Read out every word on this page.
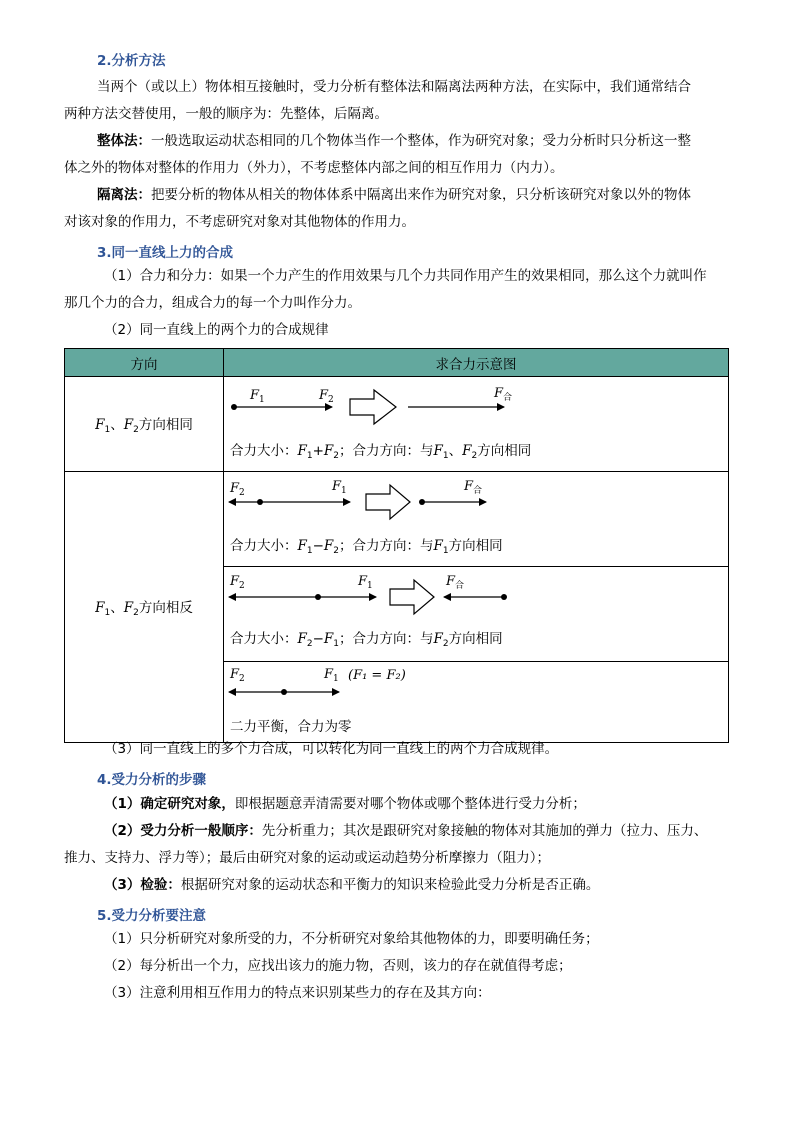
2.分析方法

当两个（或以上）物体相互接触时，受力分析有整体法和隔离法两种方法，在实际中，我们通常结合

两种方法交替使用，一般的顺序为：先整体，后隔离。

整体法：一般选取运动状态相同的几个物体当作一个整体，作为研究对象；受力分析时只分析这一整

体之外的物体对整体的作用力（外力），不考虑整体内部之间的相互作用力（内力）。

隔离法：把要分析的物体从相关的物体体系中隔离出来作为研究对象，只分析该研究对象以外的物体

对该对象的作用力，不考虑研究对象对其他物体的作用力。

3.同一直线上力的合成

（1）合力和分力：如果一个力产生的作用效果与几个力共同作用产生的效果相同，那么这个力就叫作

那几个力的合力，组成合力的每一个力叫作分力。

（2）同一直线上的两个力的合成规律

方向	求合力示意图
$F_1$、$F_2$方向相同	$F_1$ $F_2$ $F_合$
合力大小：$F_1+F_2$；合力方向：与$F_1$、$F_2$方向相同

$F_1$、$F_2$方向相反	$F_2$ $F_1$ $F_合$
合力大小：$F_1-F_2$；合力方向：与$F_1$方向相同

$F_2$ $F_1$ $F_合$
合力大小：$F_2-F_1$；合力方向：与$F_2$方向相同

$F_2$ $F_1$ (F₁ = F₂)
二力平衡，合力为零

（3）同一直线上的多个力合成，可以转化为同一直线上的两个力合成规律。

4.受力分析的步骤

（1）确定研究对象，即根据题意弄清需要对哪个物体或哪个整体进行受力分析；

（2）受力分析一般顺序：先分析重力；其次是跟研究对象接触的物体对其施加的弹力（拉力、压力、

推力、支持力、浮力等）；最后由研究对象的运动或运动趋势分析摩擦力（阻力）；

（3）检验：根据研究对象的运动状态和平衡力的知识来检验此受力分析是否正确。

5.受力分析要注意

（1）只分析研究对象所受的力，不分析研究对象给其他物体的力，即要明确任务；

（2）每分析出一个力，应找出该力的施力物，否则，该力的存在就值得考虑；

（3）注意利用相互作用力的特点来识别某些力的存在及其方向：
